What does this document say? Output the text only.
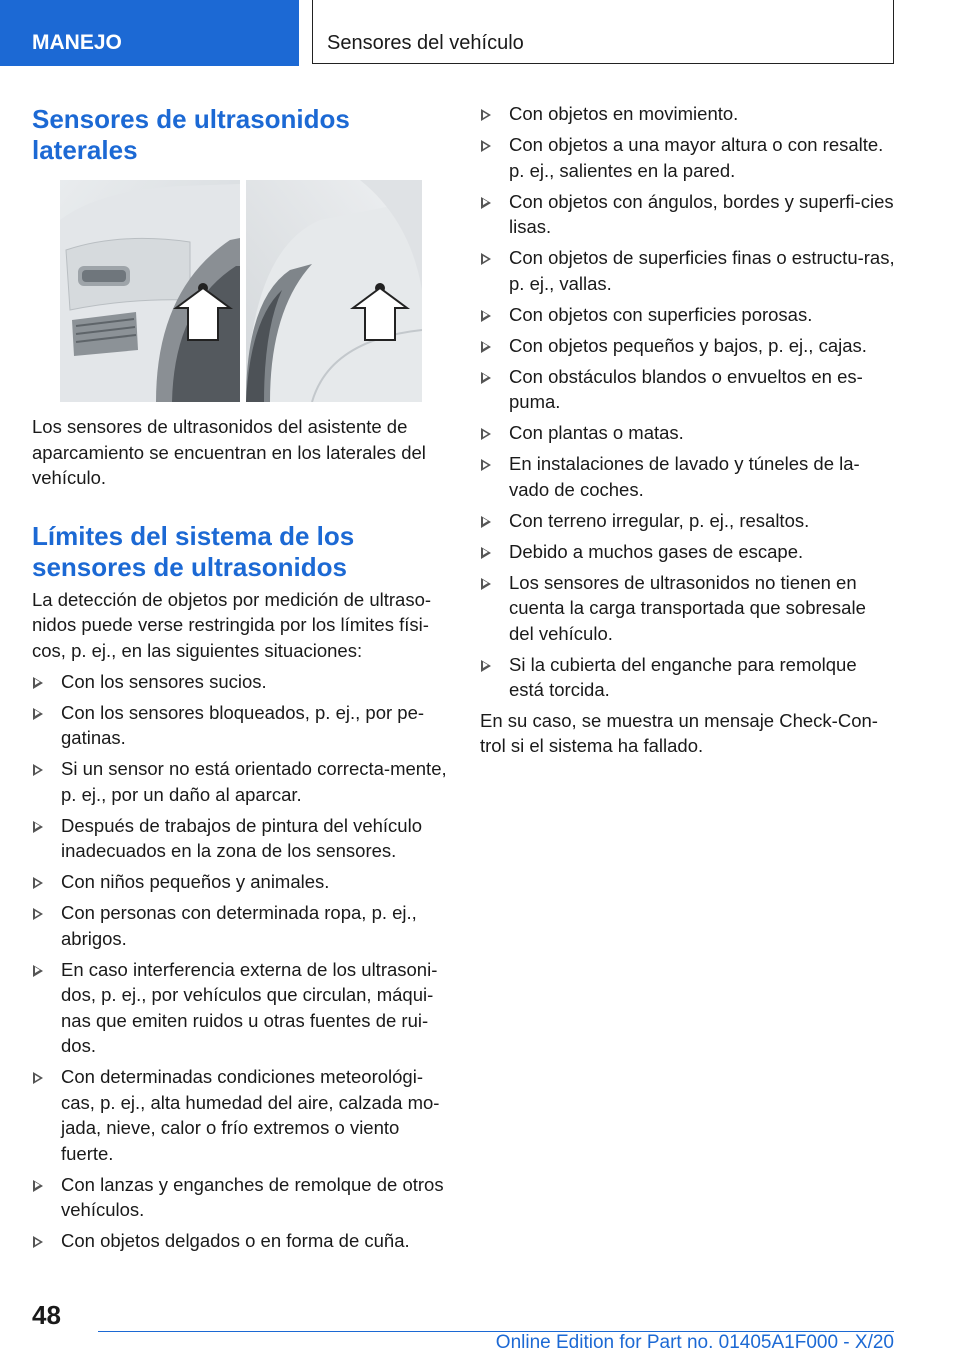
MANEJO	Sensores del vehículo
Sensores de ultrasonidos laterales

Los sensores de ultrasonidos del asistente de aparcamiento se encuentran en los laterales del vehículo.

Límites del sistema de los sensores de ultrasonidos

La detección de objetos por medición de ultraso-nidos puede verse restringida por los límites físi-cos, p. ej., en las siguientes situaciones:

Con los sensores sucios.
Con los sensores bloqueados, p. ej., por pe-gatinas.
Si un sensor no está orientado correcta-mente, p. ej., por un daño al aparcar.
Después de trabajos de pintura del vehículo inadecuados en la zona de los sensores.
Con niños pequeños y animales.
Con personas con determinada ropa, p. ej., abrigos.
En caso interferencia externa de los ultrasoni-dos, p. ej., por vehículos que circulan, máqui-nas que emiten ruidos u otras fuentes de rui-dos.
Con determinadas condiciones meteorológi-cas, p. ej., alta humedad del aire, calzada mo-jada, nieve, calor o frío extremos o viento fuerte.
Con lanzas y enganches de remolque de otros vehículos.
Con objetos delgados o en forma de cuña.
Con objetos en movimiento.
Con objetos a una mayor altura o con resalte. p. ej., salientes en la pared.
Con objetos con ángulos, bordes y superfi-cies lisas.
Con objetos de superficies finas o estructu-ras, p. ej., vallas.
Con objetos con superficies porosas.
Con objetos pequeños y bajos, p. ej., cajas.
Con obstáculos blandos o envueltos en es-puma.
Con plantas o matas.
En instalaciones de lavado y túneles de la-vado de coches.
Con terreno irregular, p. ej., resaltos.
Debido a muchos gases de escape.
Los sensores de ultrasonidos no tienen en cuenta la carga transportada que sobresale del vehículo.
Si la cubierta del enganche para remolque está torcida.

En su caso, se muestra un mensaje Check-Con-trol si el sistema ha fallado.

48
Online Edition for Part no. 01405A1F000 - X/20
